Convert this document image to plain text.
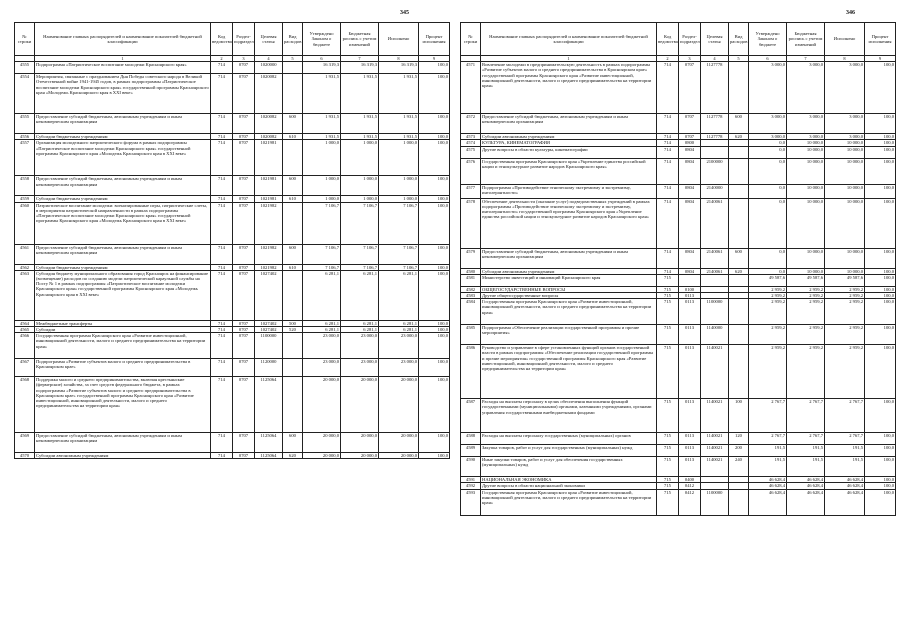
345
№ строки	Наименование главных распорядителей и наименование показателей бюджетной классификации	Код ведомства	Раздел-подраздел	Целевая статья	Вид расходов	Утверждено Законом о бюджете	Бюджетная роспись с учетом изменений	Исполнено	Процент исполнения
	1	2	3	4	5	6	7	8	9
4555	Подпрограмма «Патриотическое воспитание молодежи Красноярского края»	714	0707	1020000		16 319,3	16 319,3	16 319,3	100,0
4554	Мероприятия, связанные с празднованием Дня Победы советского народа в Великой Отечественной войне 1941-1945 годов, в рамках подпрограммы «Патриотическое воспитание молодежи Красноярского края» государственной программы Красноярского края «Молодежь Красноярского края в XXI веке»	714	0707	1020082		1 931,5	1 931,5	1 931,5	100,0
4555	Предоставление субсидий бюджетным, автономным учреждениям и иным некоммерческим организациям	714	0707	1020082	600	1 931,5	1 931,5	1 931,5	100,0
4556	Субсидии бюджетным учреждениям	714	0707	1020082	610	1 931,5	1 931,5	1 931,5	100,0
4557	Организация молодежного патриотического форума в рамках подпрограммы «Патриотическое воспитание молодежи Красноярского края» государственной программы Красноярского края «Молодежь Красноярского края в XXI веке»	714	0707	1021981		1 000,0	1 000,0	1 000,0	100,0
4558	Предоставление субсидий бюджетным, автономным учреждениям и иным некоммерческим организациям	714	0707	1021981	600	1 000,0	1 000,0	1 000,0	100,0
4559	Субсидии бюджетным учреждениям	714	0707	1021981	610	1 000,0	1 000,0	1 000,0	100,0
4560	Патриотическое воспитание молодежи: военизированные игры, патриотические слеты, в мероприятия патриотической направленности в рамках подпрограммы «Патриотическое воспитание молодежи Красноярского края» государственной программы Красноярского края «Молодежь Красноярского края в XXI веке»	714	0707	1021982		7 106,7	7 106,7	7 106,7	100,0
4561	Предоставление субсидий бюджетным, автономным учреждениям и иным некоммерческим организациям	714	0707	1021982	600	7 106,7	7 106,7	7 106,7	100,0
4562	Субсидии бюджетным учреждениям	714	0707	1021982	610	7 106,7	7 106,7	7 106,7	100,0
4563	Субсидия бюджету муниципального образования город Красноярск на финансирование (возмещение) расходов по созданию модели патриотической караульной службы на Посту № 1 в рамках подпрограммы «Патриотическое воспитание молодежи Красноярского края» государственной программы Красноярского края «Молодежь Красноярского края в XXI веке»	714	0707	1027402		6 281,1	6 281,1	6 281,1	100,0
4564	Межбюджетные трансферты	714	0707	1027402	500	6 281,1	6 281,1	6 281,1	100,0
4565	Субсидии	714	0707	1027402	520	6 281,1	6 281,1	6 281,1	100,0
4566	Государственная программа Красноярского края «Развитие инвестиционной, инновационной деятельности, малого и среднего предпринимательства на территории края»	714	0707	1100000		23 000,0	23 000,0	23 000,0	100,0
4567	Подпрограмма «Развитие субъектов малого и среднего предпринимательства в Красноярском крае»	714	0707	1120000		23 000,0	23 000,0	23 000,0	100,0
4568	Поддержка малого и среднего предпринимательства, включая крестьянские (фермерские) хозяйства, за счет средств федерального бюджета, в рамках подпрограммы «Развитие субъектов малого и среднего предпринимательства в Красноярском крае» государственной программы Красноярского края «Развитие инвестиционной, инновационной деятельности, малого и среднего предпринимательства на территории края»	714	0707	1125064		20 000,0	20 000,0	20 000,0	100,0
4569	Предоставление субсидий бюджетным, автономным учреждениям и иным некоммерческим организациям	714	0707	1125064	600	20 000,0	20 000,0	20 000,0	100,0
4570	Субсидии автономным учреждениям	714	0707	1125064	620	20 000,0	20 000,0	20 000,0	100,0
346
№ строки	Наименование главных распорядителей и наименование показателей бюджетной классификации	Код ведомства	Раздел-подраздел	Целевая статья	Вид расходов	Утверждено Законом о бюджете	Бюджетная роспись с учетом изменений	Исполнено	Процент исполнения
	1	2	3	4	5	6	7	8	9
4571	Вовлечение молодежи в предпринимательскую деятельность в рамках подпрограммы «Развитие субъектов малого и среднего предпринимательства в Красноярском крае» государственной программы Красноярского края «Развитие инвестиционной, инновационной деятельности, малого и среднего предпринимательства на территории края»	714	0707	1127778		3 000,0	3 000,0	3 000,0	100,0
4572	Предоставление субсидий бюджетным, автономным учреждениям и иным некоммерческим организациям	714	0707	1127778	600	3 000,0	3 000,0	3 000,0	100,0
4573	Субсидии автономным учреждениям	714	0707	1127778	620	3 000,0	3 000,0	3 000,0	100,0
4574	КУЛЬТУРА, КИНЕМАТОГРАФИЯ	714	0800			0,0	10 000,0	10 000,0	100,0
4575	Другие вопросы в области культуры, кинематографии	714	0804			0,0	10 000,0	10 000,0	100,0
4576	Государственная программа Красноярского края «Укрепление единства российской нации и этнокультурное развитие народов Красноярского края»	714	0804	2100000		0,0	10 000,0	10 000,0	100,0
4577	Подпрограмма «Противодействие этническому экстремизму и экстремизму, интолерантности»	714	0804	2140000		0,0	10 000,0	10 000,0	100,0
4578	Обеспечение деятельности (оказание услуг) подведомственных учреждений в рамках подпрограммы «Противодействие этническому экстремизму и экстремизму, интолерантности» государственной программы Красноярского края «Укрепление единства российской нации и этнокультурное развитие народов Красноярского края»	714	0804	2140061		0,0	10 000,0	10 000,0	100,0
4579	Предоставление субсидий бюджетным, автономным учреждениям и иным некоммерческим организациям	714	0804	2140061	600	0,0	10 000,0	10 000,0	100,0
4580	Субсидии автономным учреждениям	714	0804	2140061	620	0,0	10 000,0	10 000,0	100,0
4581	Министерство инвестиций и инноваций Красноярского края	715				49 587,6	49 587,6	49 587,6	100,0
4582	ОБЩЕГОСУДАРСТВЕННЫЕ ВОПРОСЫ	715	0100			2 959,2	2 959,2	2 959,2	100,0
4583	Другие общегосударственные вопросы	715	0113			2 959,2	2 959,2	2 959,2	100,0
4584	Государственная программа Красноярского края «Развитие инвестиционной, инновационной деятельности, малого и среднего предпринимательства на территории края»	715	0113	1100000		2 959,2	2 959,2	2 959,2	100,0
4585	Подпрограмма «Обеспечение реализации государственной программы и прочие мероприятия»	715	0113	1140000		2 959,2	2 959,2	2 959,2	100,0
4586	Руководство и управление в сфере установленных функций органов государственной власти в рамках подпрограммы «Обеспечение реализации государственной программы и прочие мероприятия» государственной программы Красноярского края «Развитие инвестиционной, инновационной деятельности, малого и среднего предпринимательства на территории края»	715	0113	1140021		2 959,2	2 959,2	2 959,2	100,0
4587	Расходы на выплаты персоналу в целях обеспечения выполнения функций государственными (муниципальными) органами, казенными учреждениями, органами управления государственными внебюджетными фондами	715	0113	1140021	100	2 767,7	2 767,7	2 767,7	100,0
4588	Расходы на выплаты персоналу государственных (муниципальных) органов	715	0113	1140021	120	2 767,7	2 767,7	2 767,7	100,0
4589	Закупка товаров, работ и услуг для государственных (муниципальных) нужд	715	0113	1140021	200	191,5	191,5	191,5	100,0
4590	Иные закупки товаров, работ и услуг для обеспечения государственных (муниципальных) нужд	715	0113	1140021	240	191,5	191,5	191,5	100,0
4591	НАЦИОНАЛЬНАЯ ЭКОНОМИКА	715	0400			46 628,4	46 628,4	46 628,4	100,0
4592	Другие вопросы в области национальной экономики	715	0412			46 628,4	46 628,4	46 628,4	100,0
4593	Государственная программа Красноярского края «Развитие инвестиционной, инновационной деятельности, малого и среднего предпринимательства на территории края»	715	0412	1100000		46 628,4	46 628,4	46 628,4	100,0
